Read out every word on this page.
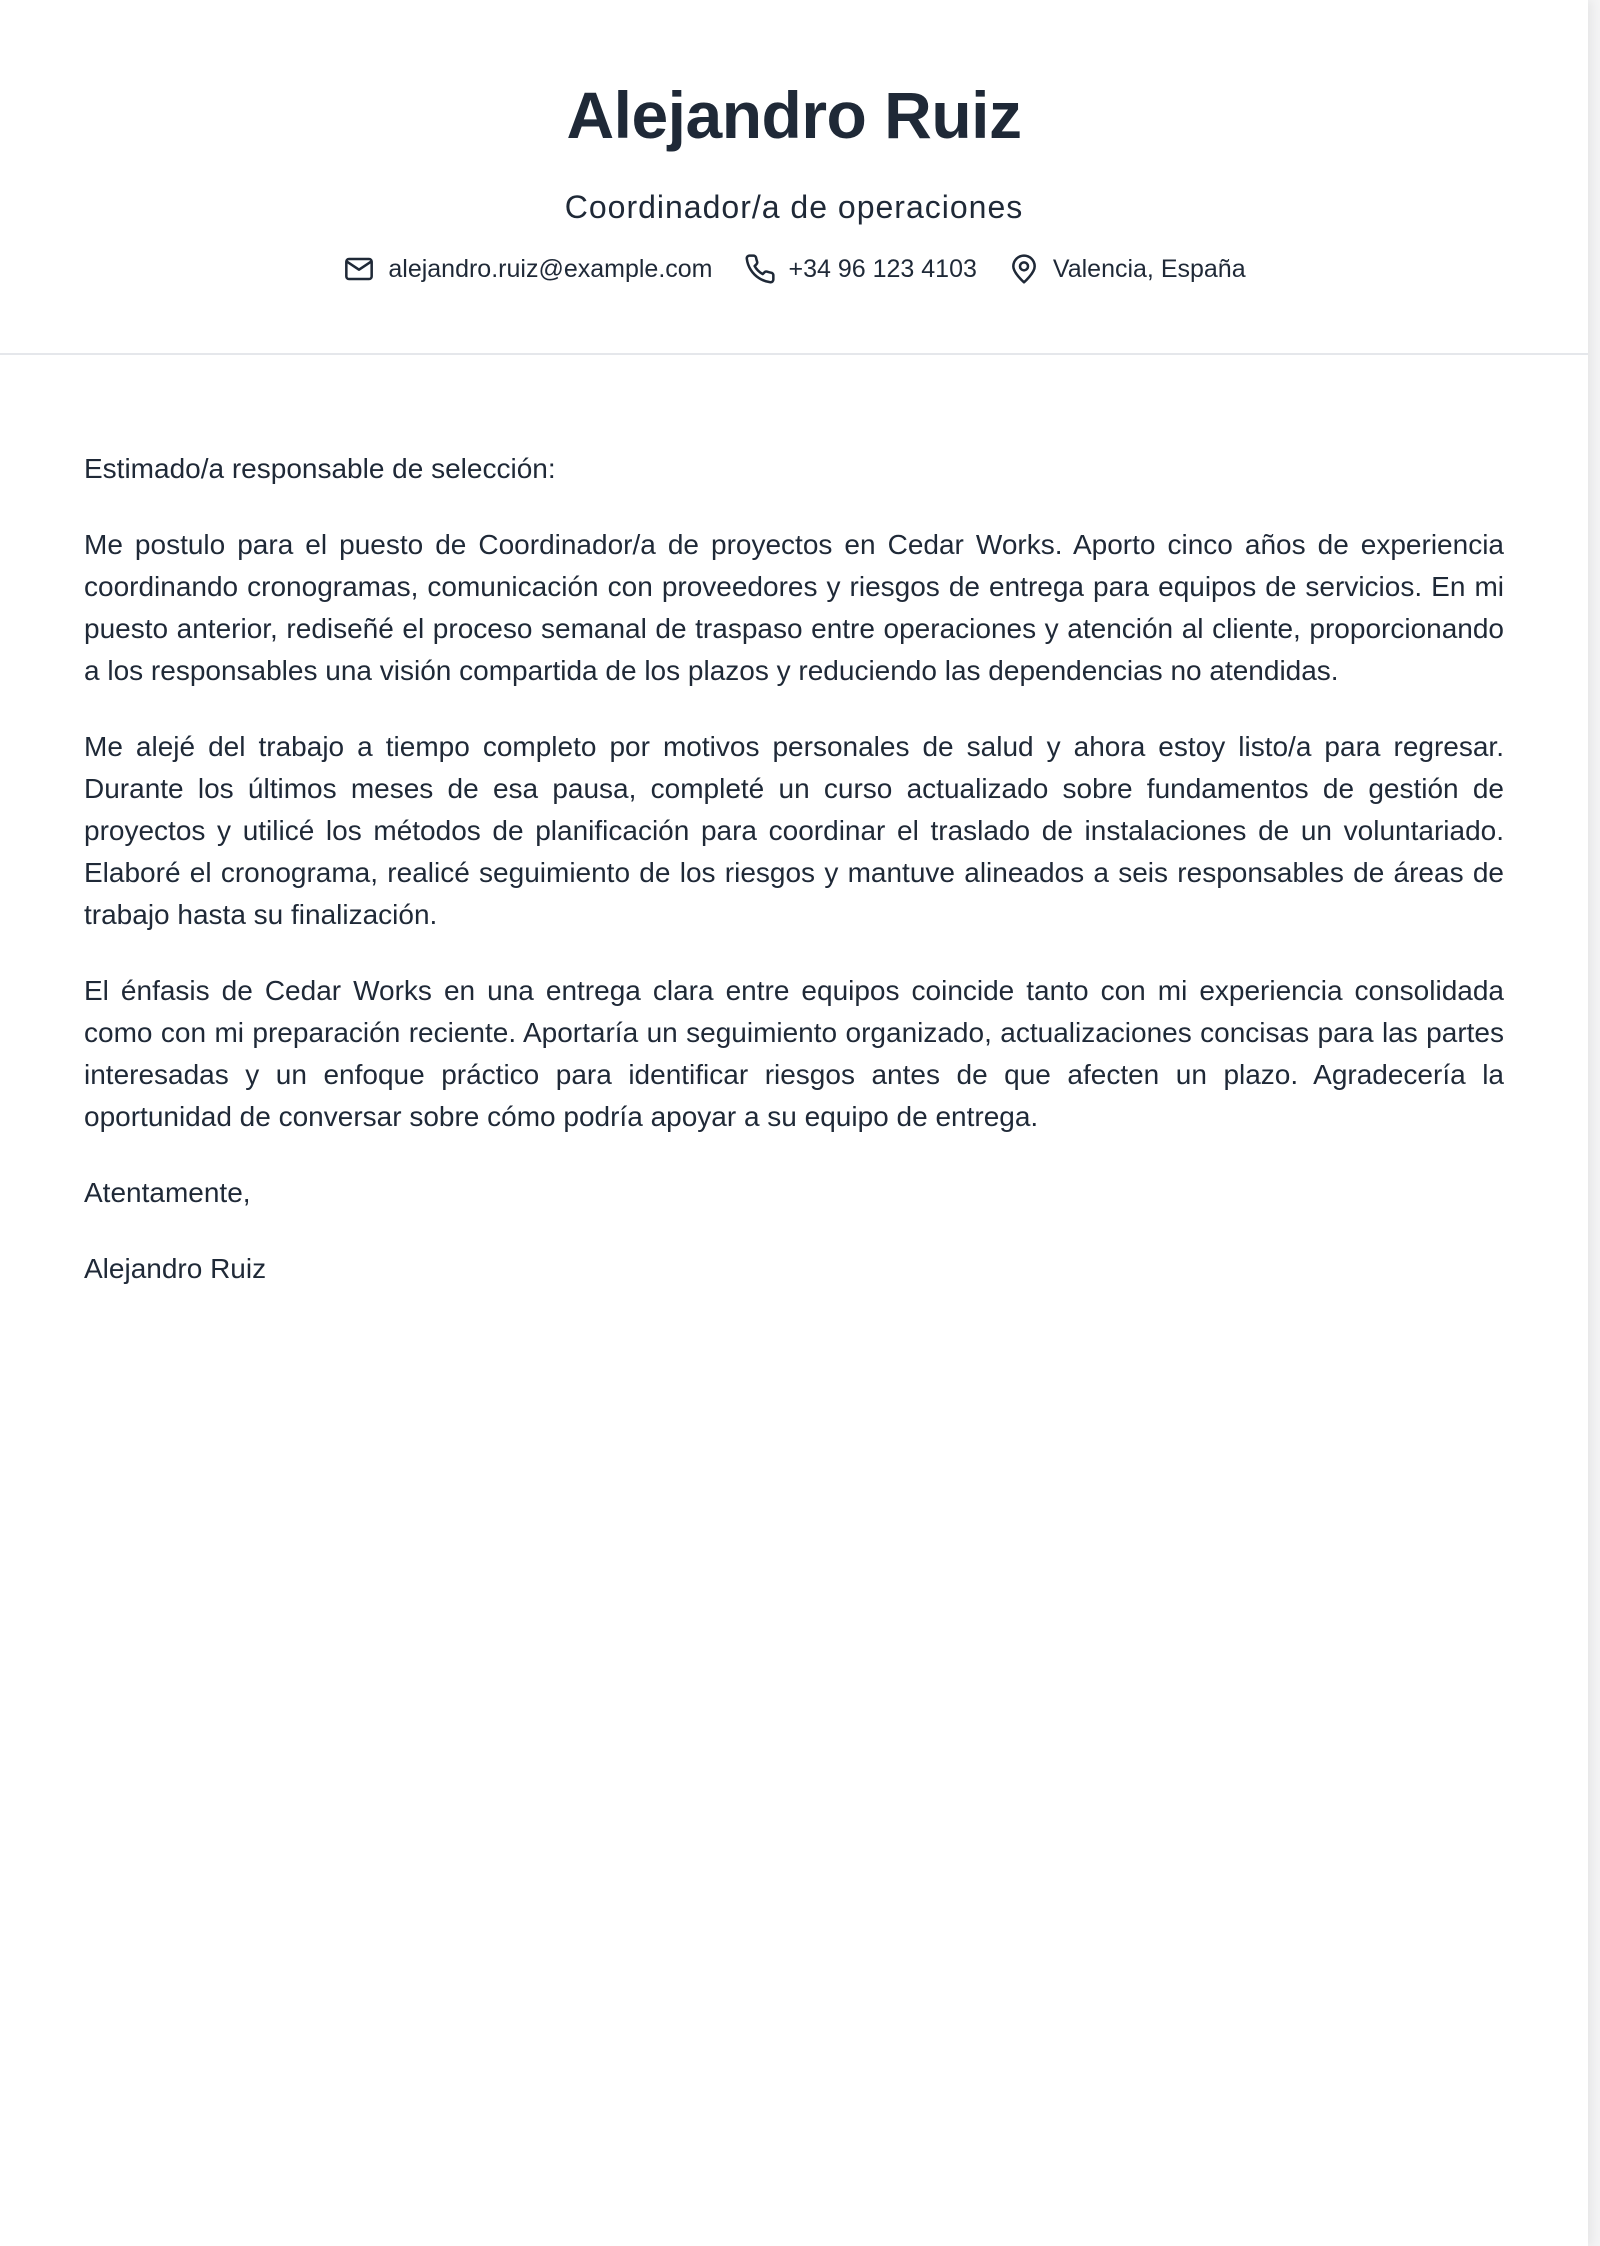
Alejandro Ruiz
Coordinador/a de operaciones
alejandro.ruiz@example.com	+34 96 123 4103	Valencia, España

Estimado/a responsable de selección:

Me postulo para el puesto de Coordinador/a de proyectos en Cedar Works. Aporto cinco años de experiencia coordinando cronogramas, comunicación con proveedores y riesgos de entrega para equipos de servicios. En mi puesto anterior, rediseñé el proceso semanal de traspaso entre operaciones y atención al cliente, proporcionando a los responsables una visión compartida de los plazos y reduciendo las dependencias no atendidas.

Me alejé del trabajo a tiempo completo por motivos personales de salud y ahora estoy listo/a para regresar. Durante los últimos meses de esa pausa, completé un curso actualizado sobre fundamentos de gestión de proyectos y utilicé los métodos de planificación para coordinar el traslado de instalaciones de un voluntariado. Elaboré el cronograma, realicé seguimiento de los riesgos y mantuve alineados a seis responsables de áreas de trabajo hasta su finalización.

El énfasis de Cedar Works en una entrega clara entre equipos coincide tanto con mi experiencia consolidada como con mi preparación reciente. Aportaría un seguimiento organizado, actualizaciones concisas para las partes interesadas y un enfoque práctico para identificar riesgos antes de que afecten un plazo. Agradecería la oportunidad de conversar sobre cómo podría apoyar a su equipo de entrega.

Atentamente,

Alejandro Ruiz
